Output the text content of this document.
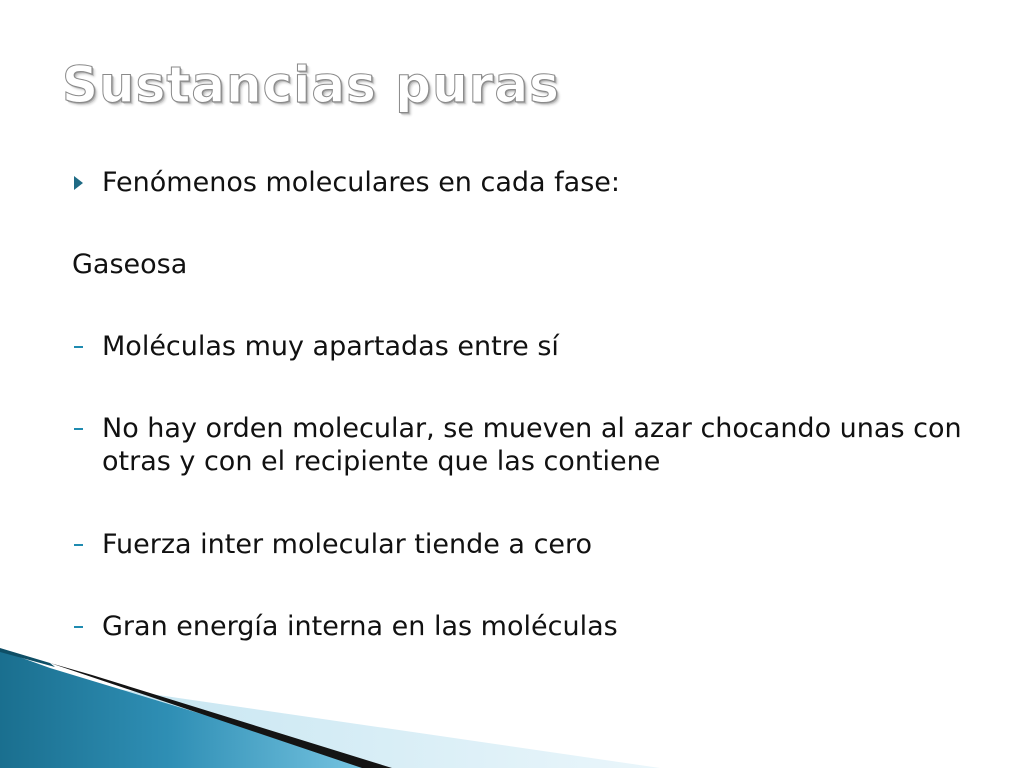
Sustancias puras
Fenómenos moleculares en cada fase:
Gaseosa
Moléculas muy apartadas entre sí
No hay orden molecular, se mueven al azar chocando unas con otras y con el recipiente que las contiene
Fuerza inter molecular tiende a cero
Gran energía interna en las moléculas
